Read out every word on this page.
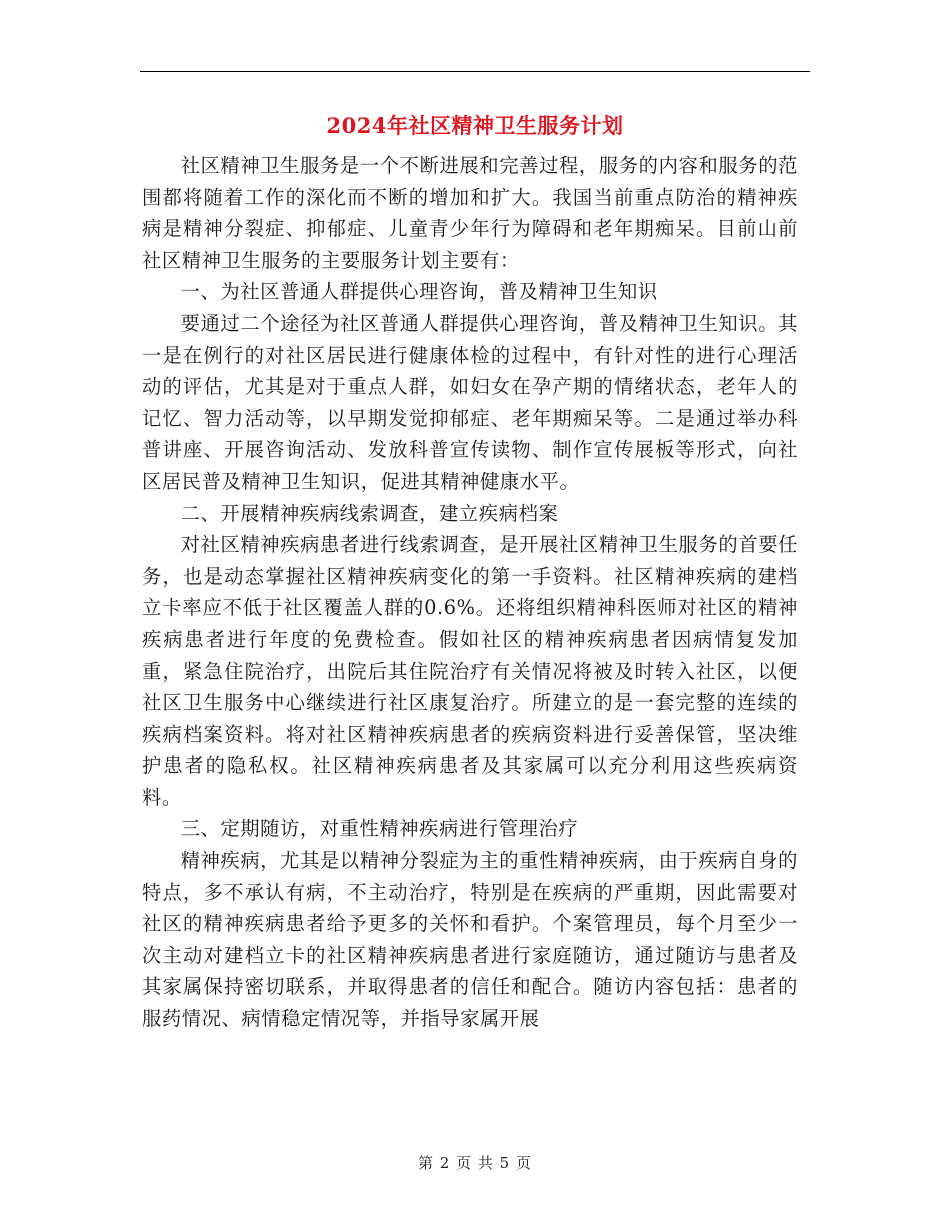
2024年社区精神卫生服务计划

社区精神卫生服务是一个不断进展和完善过程，服务的内容和服务的范围都将随着工作的深化而不断的增加和扩大。我国当前重点防治的精神疾病是精神分裂症、抑郁症、儿童青少年行为障碍和老年期痴呆。目前山前社区精神卫生服务的主要服务计划主要有：

一、为社区普通人群提供心理咨询，普及精神卫生知识

要通过二个途径为社区普通人群提供心理咨询，普及精神卫生知识。其一是在例行的对社区居民进行健康体检的过程中，有针对性的进行心理活动的评估，尤其是对于重点人群，如妇女在孕产期的情绪状态，老年人的记忆、智力活动等，以早期发觉抑郁症、老年期痴呆等。二是通过举办科普讲座、开展咨询活动、发放科普宣传读物、制作宣传展板等形式，向社区居民普及精神卫生知识，促进其精神健康水平。

二、开展精神疾病线索调查，建立疾病档案

对社区精神疾病患者进行线索调查，是开展社区精神卫生服务的首要任务，也是动态掌握社区精神疾病变化的第一手资料。社区精神疾病的建档立卡率应不低于社区覆盖人群的0.6%。还将组织精神科医师对社区的精神疾病患者进行年度的免费检查。假如社区的精神疾病患者因病情复发加重，紧急住院治疗，出院后其住院治疗有关情况将被及时转入社区，以便社区卫生服务中心继续进行社区康复治疗。所建立的是一套完整的连续的疾病档案资料。将对社区精神疾病患者的疾病资料进行妥善保管，坚决维护患者的隐私权。社区精神疾病患者及其家属可以充分利用这些疾病资料。

三、定期随访，对重性精神疾病进行管理治疗

精神疾病，尤其是以精神分裂症为主的重性精神疾病，由于疾病自身的特点，多不承认有病，不主动治疗，特别是在疾病的严重期，因此需要对社区的精神疾病患者给予更多的关怀和看护。个案管理员，每个月至少一次主动对建档立卡的社区精神疾病患者进行家庭随访，通过随访与患者及其家属保持密切联系，并取得患者的信任和配合。随访内容包括：患者的服药情况、病情稳定情况等，并指导家属开展

第 2 页 共 5 页
